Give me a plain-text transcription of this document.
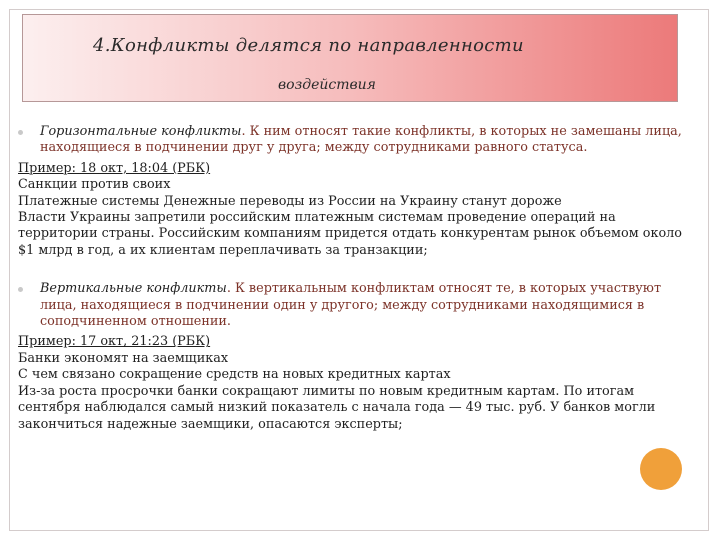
4.Конфликты делятся по направленности
воздействия
Горизонтальные конфликты. К ним относят такие конфликты, в которых не замешаны лица, находящиеся в подчинении друг у друга; между сотрудниками равного статуса.
Пример: 18 окт, 18:04 (РБК)
Санкции против своих
Платежные системы Денежные переводы из России на Украину станут дороже
Власти Украины запретили российским платежным системам проведение операций на территории страны. Российским компаниям придется отдать конкурентам рынок объемом около $1 млрд в год, а их клиентам переплачивать за транзакции;
Вертикальные конфликты. К вертикальным конфликтам относят те, в которых участвуют лица, находящиеся в подчинении один у другого; между сотрудниками находящимися в соподчиненном отношении.
Пример: 17 окт, 21:23 (РБК)
Банки экономят на заемщиках
С чем связано сокращение средств на новых кредитных картах
Из-за роста просрочки банки сокращают лимиты по новым кредитным картам. По итогам сентября наблюдался самый низкий показатель с начала года — 49 тыс. руб. У банков могли закончиться надежные заемщики, опасаются эксперты;
